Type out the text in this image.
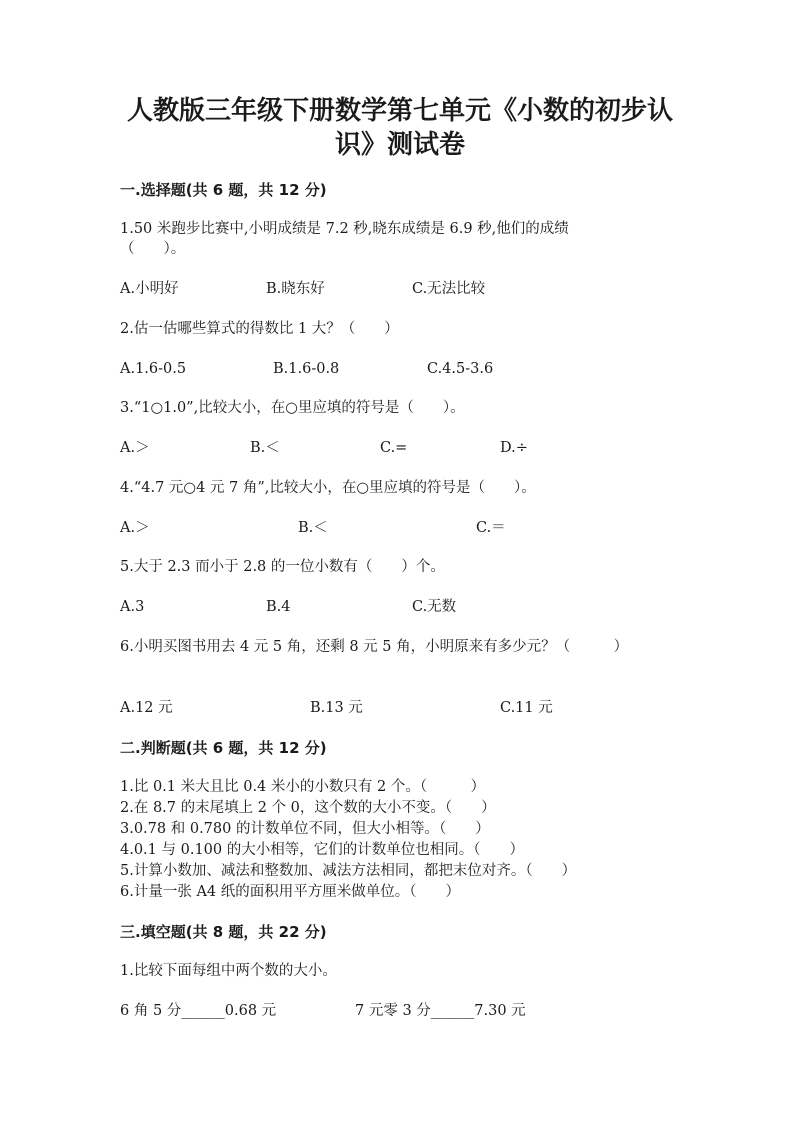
人教版三年级下册数学第七单元《小数的初步认
识》测试卷
一.选择题(共 6 题，共 12 分)
1.50 米跑步比赛中,小明成绩是 7.2 秒,晓东成绩是 6.9 秒,他们的成绩
（　　）。
A.小明好	B.晓东好	C.无法比较
2.估一估哪些算式的得数比 1 大？（　　）
A.1.6-0.5	B.1.6-0.8	C.4.5-3.6
3.“1○1.0”,比较大小，在○里应填的符号是（　　）。
A.＞	B.＜	C.=	D.÷
4.“4.7 元○4 元 7 角”,比较大小，在○里应填的符号是（　　）。
A.＞	B.＜	C.＝
5.大于 2.3 而小于 2.8 的一位小数有（　　）个。
A.3	B.4	C.无数
6.小明买图书用去 4 元 5 角，还剩 8 元 5 角，小明原来有多少元？（　　　）
A.12 元	B.13 元	C.11 元
二.判断题(共 6 题，共 12 分)
1.比 0.1 米大且比 0.4 米小的小数只有 2 个。（　　　）
2.在 8.7 的末尾填上 2 个 0，这个数的大小不变。（　　）
3.0.78 和 0.780 的计数单位不同，但大小相等。（　　）
4.0.1 与 0.100 的大小相等，它们的计数单位也相同。（　　）
5.计算小数加、减法和整数加、减法方法相同，都把末位对齐。（　　）
6.计量一张 A4 纸的面积用平方厘米做单位。（　　）
三.填空题(共 8 题，共 22 分)
1.比较下面每组中两个数的大小。
6 角 5 分______0.68 元	7 元零 3 分______7.30 元
